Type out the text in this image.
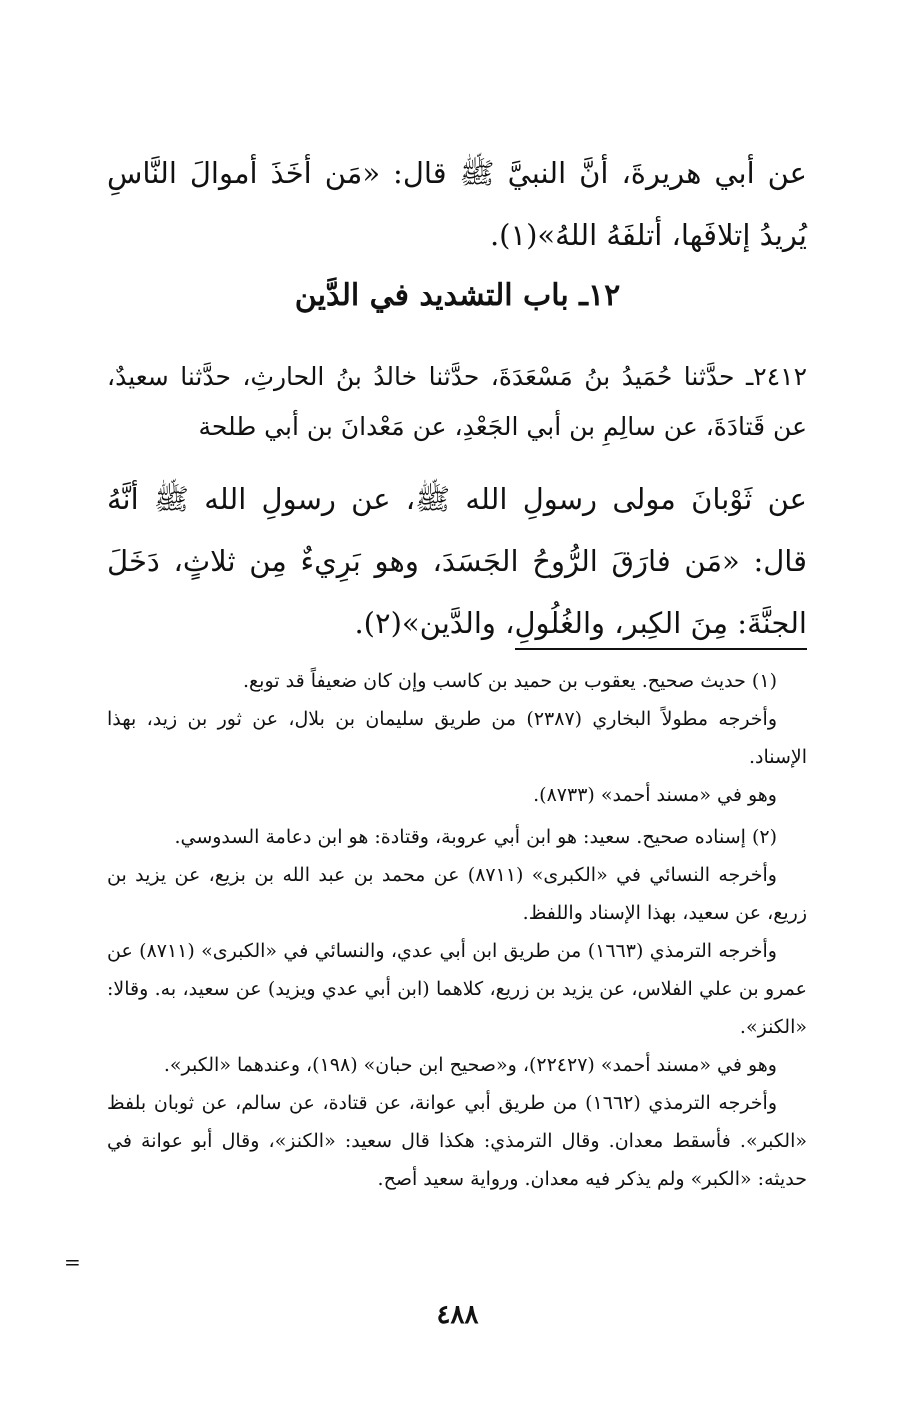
عن أبي هريرةَ، أنَّ النبيَّ ﷺ قال: «مَن أخَذَ أموالَ النَّاسِ يُريدُ إتلافَها، أتلفَهُ اللهُ»(١).

١٢ـ باب التشديد في الدَّين

٢٤١٢ـ حدَّثنا حُمَيدُ بنُ مَسْعَدَةَ، حدَّثنا خالدُ بنُ الحارثِ، حدَّثنا سعيدٌ، عن قَتادَةَ، عن سالِمِ بن أبي الجَعْدِ، عن مَعْدانَ بن أبي طلحة

عن ثَوْبانَ مولى رسولِ الله ﷺ، عن رسولِ الله ﷺ أنَّهُ قال: «مَن فارَقَ الرُّوحُ الجَسَدَ، وهو بَرِيءٌ مِن ثلاثٍ، دَخَلَ الجنَّةَ: مِنَ الكِبر، والغُلُولِ، والدَّين»(٢).

(١) حديث صحيح. يعقوب بن حميد بن كاسب وإن كان ضعيفاً قد توبع.

وأخرجه مطولاً البخاري (٢٣٨٧) من طريق سليمان بن بلال، عن ثور بن زيد، بهذا الإسناد.

وهو في «مسند أحمد» (٨٧٣٣).

(٢) إسناده صحيح. سعيد: هو ابن أبي عروبة، وقتادة: هو ابن دعامة السدوسي.

وأخرجه النسائي في «الكبرى» (٨٧١١) عن محمد بن عبد الله بن بزيع، عن يزيد بن زريع، عن سعيد، بهذا الإسناد واللفظ.

وأخرجه الترمذي (١٦٦٣) من طريق ابن أبي عدي، والنسائي في «الكبرى» (٨٧١١) عن عمرو بن علي الفلاس، عن يزيد بن زريع، كلاهما (ابن أبي عدي ويزيد) عن سعيد، به. وقالا: «الكنز».

وهو في «مسند أحمد» (٢٢٤٢٧)، و«صحيح ابن حبان» (١٩٨)، وعندهما «الكبر».

وأخرجه الترمذي (١٦٦٢) من طريق أبي عوانة، عن قتادة، عن سالم، عن ثوبان بلفظ «الكبر». فأسقط معدان. وقال الترمذي: هكذا قال سعيد: «الكنز»، وقال أبو عوانة في حديثه: «الكبر» ولم يذكر فيه معدان. ورواية سعيد أصح.

=
٤٨٨
